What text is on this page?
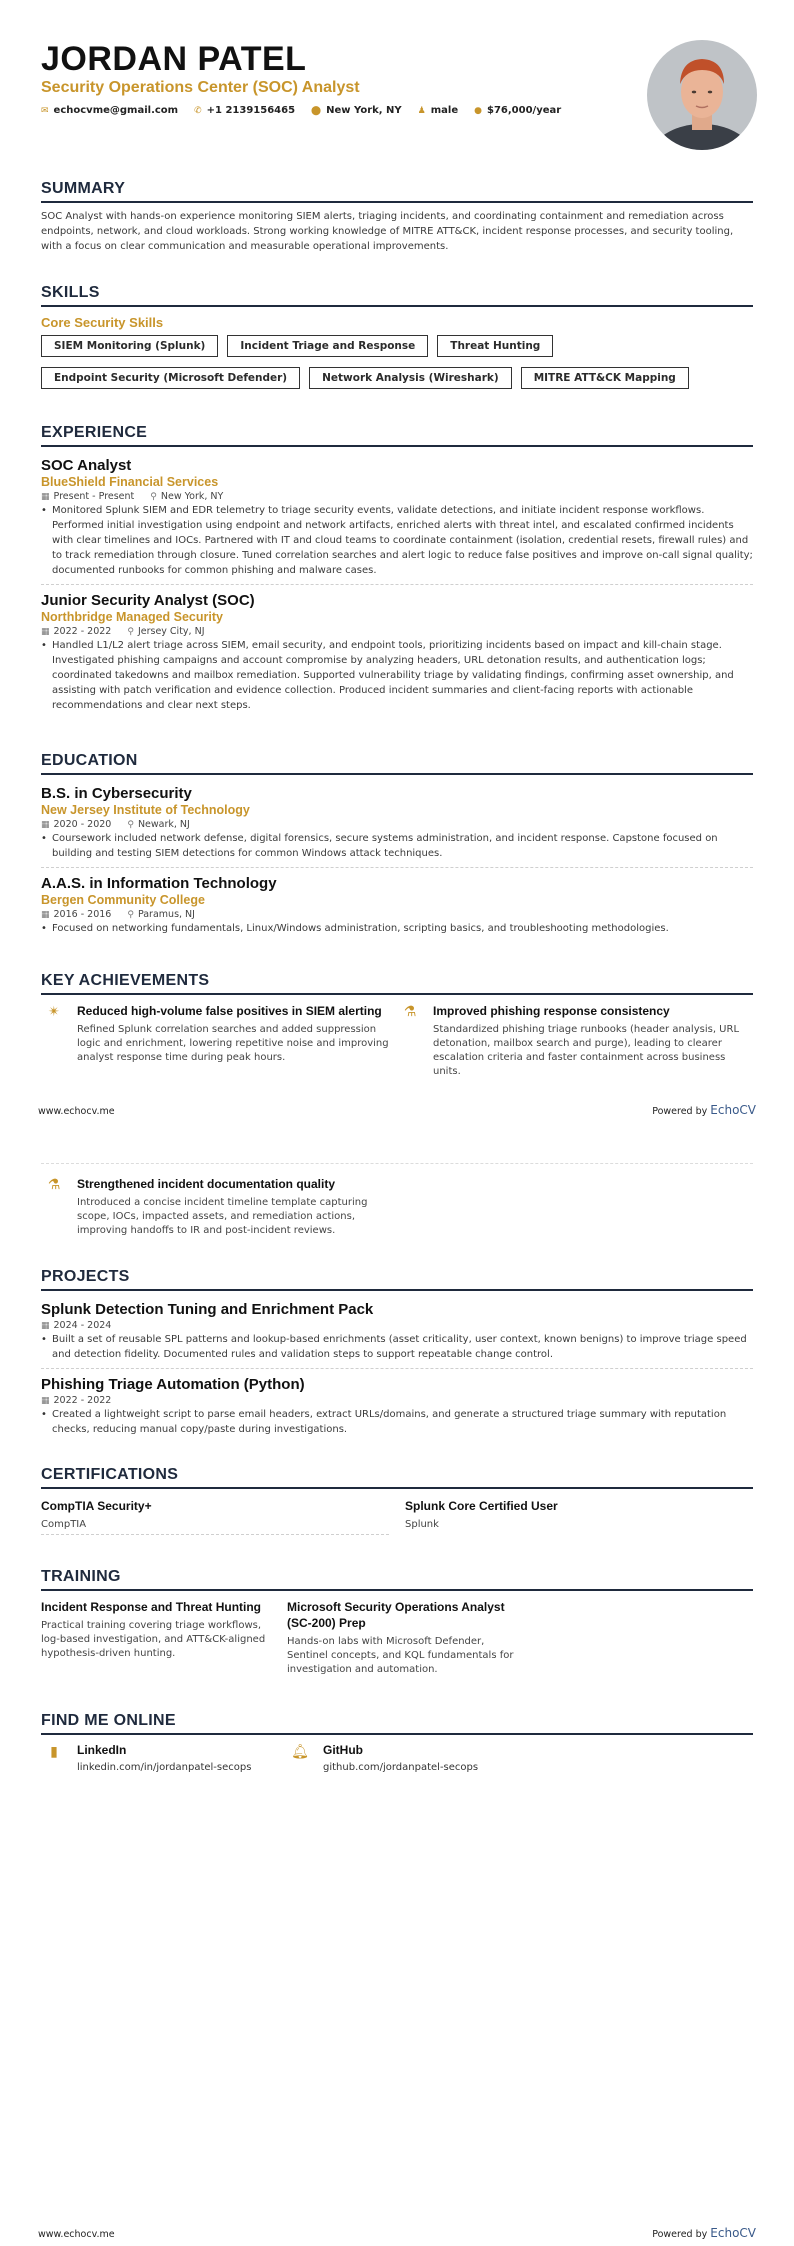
JORDAN PATEL
Security Operations Center (SOC) Analyst
✉ echocvme@gmail.com ✆ +1 2139156465 ⬤ New York, NY ♟ male ● $76,000/year
SUMMARY
SOC Analyst with hands-on experience monitoring SIEM alerts, triaging incidents, and coordinating containment and remediation across endpoints, network, and cloud workloads. Strong working knowledge of MITRE ATT&CK, incident response processes, and security tooling, with a focus on clear communication and measurable operational improvements.
SKILLS
Core Security Skills
SIEM Monitoring (Splunk)	Incident Triage and Response	Threat Hunting
Endpoint Security (Microsoft Defender)	Network Analysis (Wireshark)	MITRE ATT&CK Mapping
EXPERIENCE
SOC Analyst
BlueShield Financial Services
▦ Present - Present ⚲ New York, NY
• Monitored Splunk SIEM and EDR telemetry to triage security events, validate detections, and initiate incident response workflows. Performed initial investigation using endpoint and network artifacts, enriched alerts with threat intel, and escalated confirmed incidents with clear timelines and IOCs. Partnered with IT and cloud teams to coordinate containment (isolation, credential resets, firewall rules) and to track remediation through closure. Tuned correlation searches and alert logic to reduce false positives and improve on-call signal quality; documented runbooks for common phishing and malware cases.
Junior Security Analyst (SOC)
Northbridge Managed Security
▦ 2022 - 2022 ⚲ Jersey City, NJ
• Handled L1/L2 alert triage across SIEM, email security, and endpoint tools, prioritizing incidents based on impact and kill-chain stage. Investigated phishing campaigns and account compromise by analyzing headers, URL detonation results, and authentication logs; coordinated takedowns and mailbox remediation. Supported vulnerability triage by validating findings, confirming asset ownership, and assisting with patch verification and evidence collection. Produced incident summaries and client-facing reports with actionable recommendations and clear next steps.
EDUCATION
B.S. in Cybersecurity
New Jersey Institute of Technology
▦ 2020 - 2020 ⚲ Newark, NJ
• Coursework included network defense, digital forensics, secure systems administration, and incident response. Capstone focused on building and testing SIEM detections for common Windows attack techniques.
A.A.S. in Information Technology
Bergen Community College
▦ 2016 - 2016 ⚲ Paramus, NJ
• Focused on networking fundamentals, Linux/Windows administration, scripting basics, and troubleshooting methodologies.
KEY ACHIEVEMENTS
✴	Reduced high-volume false positives in SIEM alerting
Refined Splunk correlation searches and added suppression logic and enrichment, lowering repetitive noise and improving analyst response time during peak hours.
⚗	Improved phishing response consistency
Standardized phishing triage runbooks (header analysis, URL detonation, mailbox search and purge), leading to clearer escalation criteria and faster containment across business units.
www.echocv.me	Powered by EchoCV
⚗	Strengthened incident documentation quality
Introduced a concise incident timeline template capturing scope, IOCs, impacted assets, and remediation actions, improving handoffs to IR and post-incident reviews.
PROJECTS
Splunk Detection Tuning and Enrichment Pack
▦ 2024 - 2024
• Built a set of reusable SPL patterns and lookup-based enrichments (asset criticality, user context, known benigns) to improve triage speed and detection fidelity. Documented rules and validation steps to support repeatable change control.
Phishing Triage Automation (Python)
▦ 2022 - 2022
• Created a lightweight script to parse email headers, extract URLs/domains, and generate a structured triage summary with reputation checks, reducing manual copy/paste during investigations.
CERTIFICATIONS
CompTIA Security+
CompTIA
Splunk Core Certified User
Splunk
TRAINING
Incident Response and Threat Hunting
Practical training covering triage workflows, log-based investigation, and ATT&CK-aligned hypothesis-driven hunting.
Microsoft Security Operations Analyst (SC-200) Prep
Hands-on labs with Microsoft Defender, Sentinel concepts, and KQL fundamentals for investigation and automation.
FIND ME ONLINE
▮	LinkedIn
linkedin.com/in/jordanpatel-secops
🔔︎	GitHub
github.com/jordanpatel-secops
www.echocv.me	Powered by EchoCV
